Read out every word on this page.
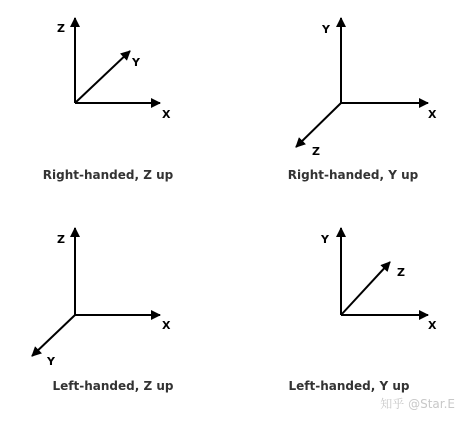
Z
X
Y
Right-handed, Z up
Y
X
Z
Right-handed, Y up
Z
X
Y
Left-handed, Z up
Y
X
Z
Left-handed, Y up
知乎 @Star.E
